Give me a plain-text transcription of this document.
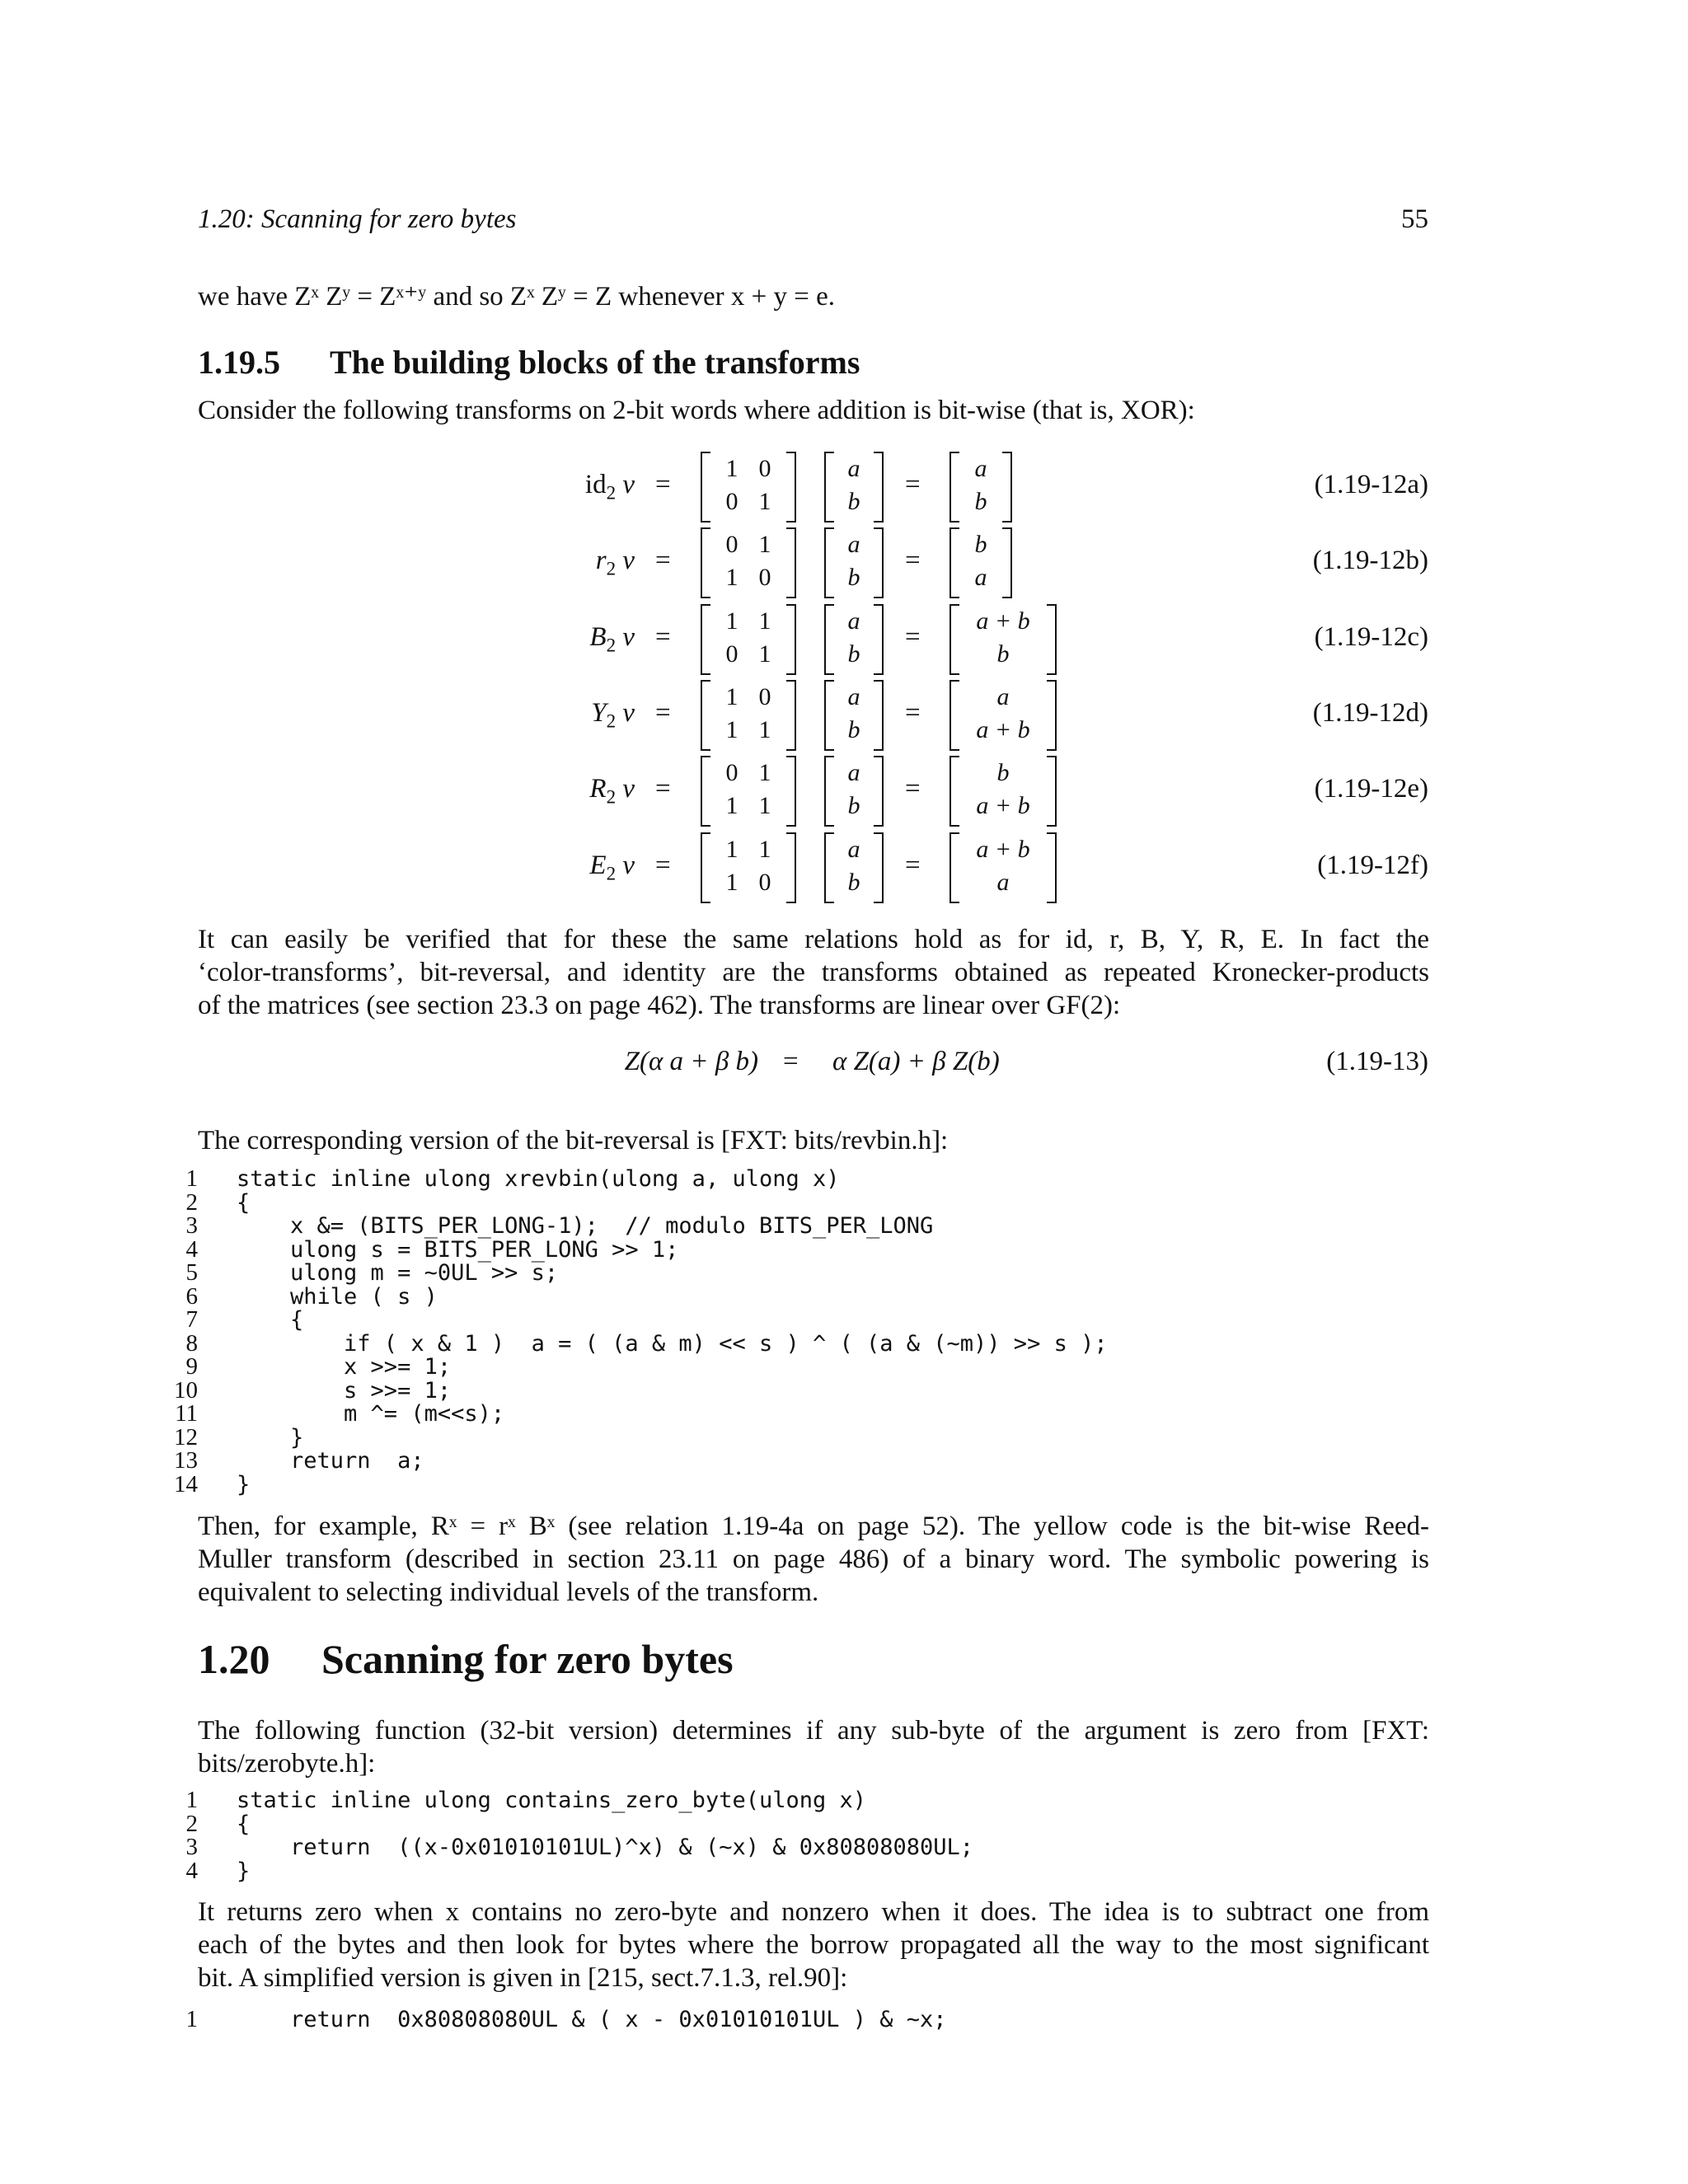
1.20: Scanning for zero bytes	55
we have Zˣ Zʸ = Zˣ⁺ʸ and so Zˣ Zʸ = Z whenever x + y = e.
1.19.5 The building blocks of the transforms
Consider the following transforms on 2-bit words where addition is bit-wise (that is, XOR):
$id_2$ v =
1 0
0 1
a
b
=
a
b
(1.19-12a)
$r_2$ v =
0 1
1 0
a
b
=
b
a
(1.19-12b)
$B_2$ v =
1 1
0 1
a
b
=
a + b
b
(1.19-12c)
$Y_2$ v =
1 0
1 1
a
b
=
a
a + b
(1.19-12d)
$R_2$ v =
0 1
1 1
a
b
=
b
a + b
(1.19-12e)
$E_2$ v =
1 1
1 0
a
b
=
a + b
a
(1.19-12f)
It can easily be verified that for these the same relations hold as for id, r, B, Y, R, E. In fact the
‘color-transforms’, bit-reversal, and identity are the transforms obtained as repeated Kronecker-products
of the matrices (see section 23.3 on page 462). The transforms are linear over GF(2):
Z(α a + β b) = α Z(a) + β Z(b)	(1.19-13)
The corresponding version of the bit-reversal is [FXT: bits/revbin.h]:
1 static inline ulong xrevbin(ulong a, ulong x)
2 {
3    x &= (BITS_PER_LONG-1);  // modulo BITS_PER_LONG
4    ulong s = BITS_PER_LONG >> 1;
5    ulong m = ~0UL >> s;
6    while ( s )
7    {
8        if ( x & 1 )  a = ( (a & m) << s ) ^ ( (a & (~m)) >> s );
9        x >>= 1;
10        s >>= 1;
11        m ^= (m<<s);
12    }
13    return  a;
14 }
Then, for example, Rˣ = rˣ Bˣ (see relation 1.19-4a on page 52). The yellow code is the bit-wise Reed-
Muller transform (described in section 23.11 on page 486) of a binary word. The symbolic powering is
equivalent to selecting individual levels of the transform.
1.20 Scanning for zero bytes
The following function (32-bit version) determines if any sub-byte of the argument is zero from [FXT:
bits/zerobyte.h]:
1 static inline ulong contains_zero_byte(ulong x)
2 {
3    return  ((x-0x01010101UL)^x) & (~x) & 0x80808080UL;
4 }
It returns zero when x contains no zero-byte and nonzero when it does. The idea is to subtract one from
each of the bytes and then look for bytes where the borrow propagated all the way to the most significant
bit. A simplified version is given in [215, sect.7.1.3, rel.90]:
1    return  0x80808080UL & ( x - 0x01010101UL ) & ~x;
